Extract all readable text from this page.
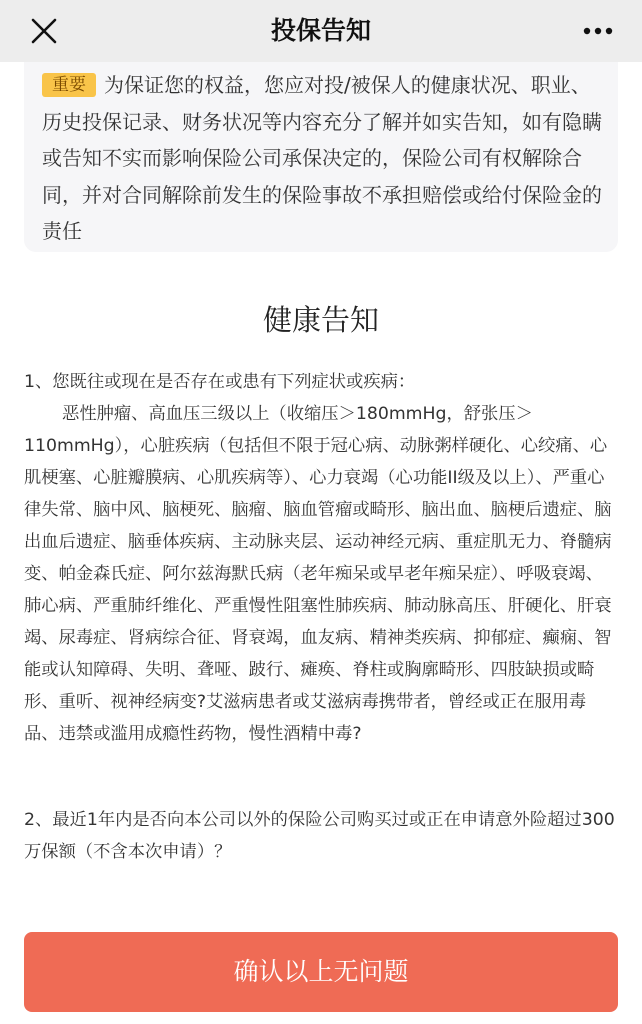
投保告知

重要 为保证您的权益，您应对投/被保人的健康状况、职业、历史投保记录、财务状况等内容充分了解并如实告知，如有隐瞒或告知不实而影响保险公司承保决定的，保险公司有权解除合同，并对合同解除前发生的保险事故不承担赔偿或给付保险金的责任

健康告知

1、您既往或现在是否存在或患有下列症状或疾病：

恶性肿瘤、高血压三级以上（收缩压＞180mmHg，舒张压＞110mmHg），心脏疾病（包括但不限于冠心病、动脉粥样硬化、心绞痛、心肌梗塞、心脏瓣膜病、心肌疾病等）、心力衰竭（心功能II级及以上）、严重心律失常、脑中风、脑梗死、脑瘤、脑血管瘤或畸形、脑出血、脑梗后遗症、脑出血后遗症、脑垂体疾病、主动脉夹层、运动神经元病、重症肌无力、脊髓病变、帕金森氏症、阿尔兹海默氏病（老年痴呆或早老年痴呆症）、呼吸衰竭、肺心病、严重肺纤维化、严重慢性阻塞性肺疾病、肺动脉高压、肝硬化、肝衰竭、尿毒症、肾病综合征、肾衰竭，血友病、精神类疾病、抑郁症、癫痫、智能或认知障碍、失明、聋哑、跛行、瘫痪、脊柱或胸廓畸形、四肢缺损或畸形、重听、视神经病变?艾滋病患者或艾滋病毒携带者，曾经或正在服用毒品、违禁或滥用成瘾性药物，慢性酒精中毒?

2、最近1年内是否向本公司以外的保险公司购买过或正在申请意外险超过300万保额（不含本次申请）？

确认以上无问题
